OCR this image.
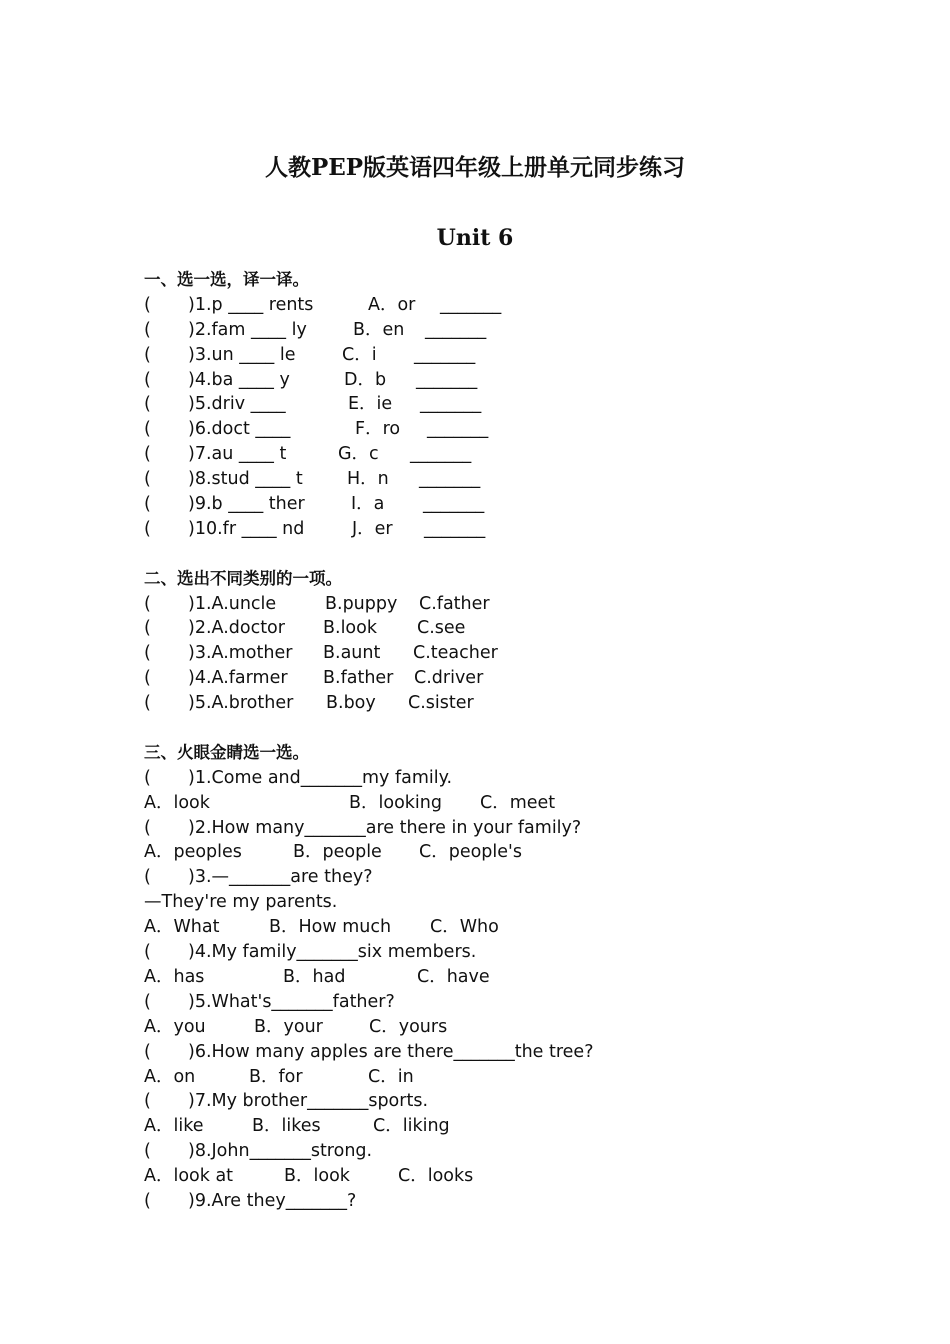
人教PEP版英语四年级上册单元同步练习
Unit 6
一、选一选，译一译。
( )1.p ____ rents	A．or _______
( )2.fam ____ ly	B．en _______
( )3.un ____ le	C．i _______
( )4.ba ____ y	D．b _______
( )5.driv ____	E．ie _______
( )6.doct ____	F．ro _______
( )7.au ____ t	G．c _______
( )8.stud ____ t	H．n _______
( )9.b ____ ther	I．a _______
( )10.fr ____ nd	J．er _______
二、选出不同类别的一项。
( )1.A.uncle	B.puppy C.father
( )2.A.doctor B.look C.see
( )3.A.mother B.aunt C.teacher
( )4.A.farmer B.father C.driver
( )5.A.brother B.boy C.sister
三、火眼金睛选一选。
( )1.Come and_______my family.
A．look	B．looking C．meet
( )2.How many_______are there in your family?
A．peoples	B．people C．people's
( )3.—_______are they?
—They're my parents.
A．What	B．How much C．Who
( )4.My family_______six members.
A．has	B．had	C．have
( )5.What's_______father?
A．you	B．your	C．yours
( )6.How many apples are there_______the tree?
A．on	B．for	C．in
( )7.My brother_______sports.
A．like	B．likes	C．liking
( )8.John_______strong.
A．look at	B．look	C．looks
( )9.Are they_______?
